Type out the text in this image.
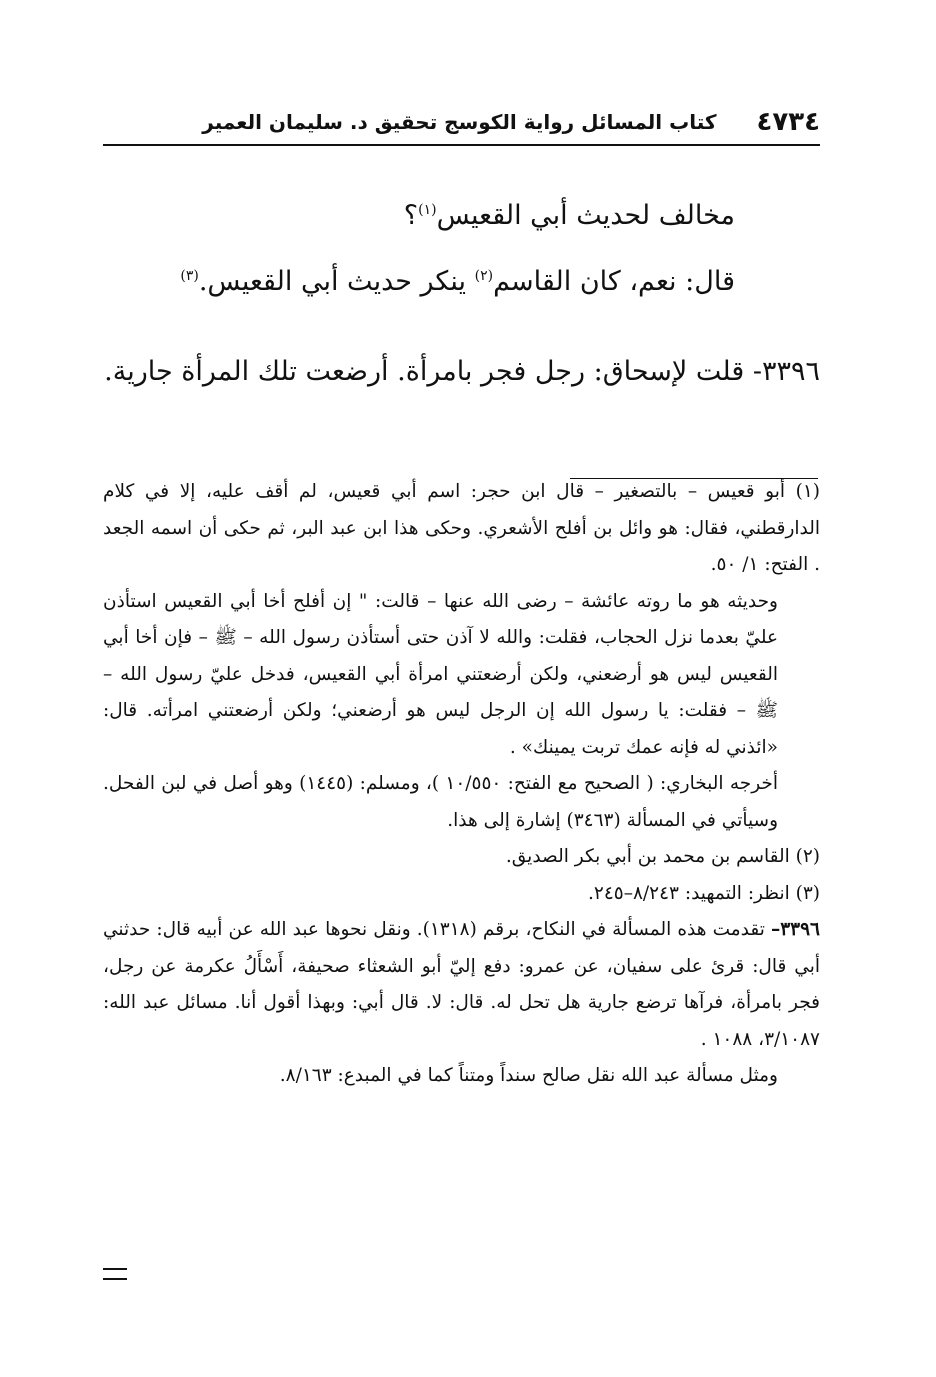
٤٧٣٤
كتاب المسائل رواية الكوسج تحقيق د. سليمان العمير
مخالف لحديث أبي القعيس$^{(١)}$؟
قال: نعم، كان القاسم$^{(٢)}$ ينكر حديث أبي القعيس.$^{(٣)}$
٣٣٩٦- قلت لإسحاق: رجل فجر بامرأة. أرضعت تلك المرأة جارية.
(١) أبو قعيس – بالتصغير – قال ابن حجر: اسم أبي قعيس، لم أقف عليه، إلا في كلام الدارقطني، فقال: هو وائل بن أفلح الأشعري. وحكى هذا ابن عبد البر، ثم حكى أن اسمه الجعد . الفتح: ١/ ٥٠.
وحديثه هو ما روته عائشة – رضى الله عنها – قالت: " إن أفلح أخا أبي القعيس استأذن عليّ بعدما نزل الحجاب، فقلت: والله لا آذن حتى أستأذن رسول الله – ﷺ – فإن أخا أبي القعيس ليس هو أرضعني، ولكن أرضعتني امرأة أبي القعيس، فدخل عليّ رسول الله – ﷺ – فقلت: يا رسول الله إن الرجل ليس هو أرضعني؛ ولكن أرضعتني امرأته. قال: «ائذني له فإنه عمك تربت يمينك» .
أخرجه البخاري: ( الصحيح مع الفتح: ١٠/٥٥٠ )، ومسلم: (١٤٤٥) وهو أصل في لبن الفحل. وسيأتي في المسألة (٣٤٦٣) إشارة إلى هذا.
(٢) القاسم بن محمد بن أبي بكر الصديق.
(٣) انظر: التمهيد: ٨/٢٤٣–٢٤٥.
٣٣٩٦– تقدمت هذه المسألة في النكاح، برقم (١٣١٨). ونقل نحوها عبد الله عن أبيه قال: حدثني أبي قال: قرئ على سفيان، عن عمرو: دفع إليّ أبو الشعثاء صحيفة، أَسْأَلُ عكرمة عن رجل، فجر بامرأة، فرآها ترضع جارية هل تحل له. قال: لا. قال أبي: وبهذا أقول أنا. مسائل عبد الله: ٣/١٠٨٧، ١٠٨٨ .
ومثل مسألة عبد الله نقل صالح سنداً ومتناً كما في المبدع: ٨/١٦٣.
